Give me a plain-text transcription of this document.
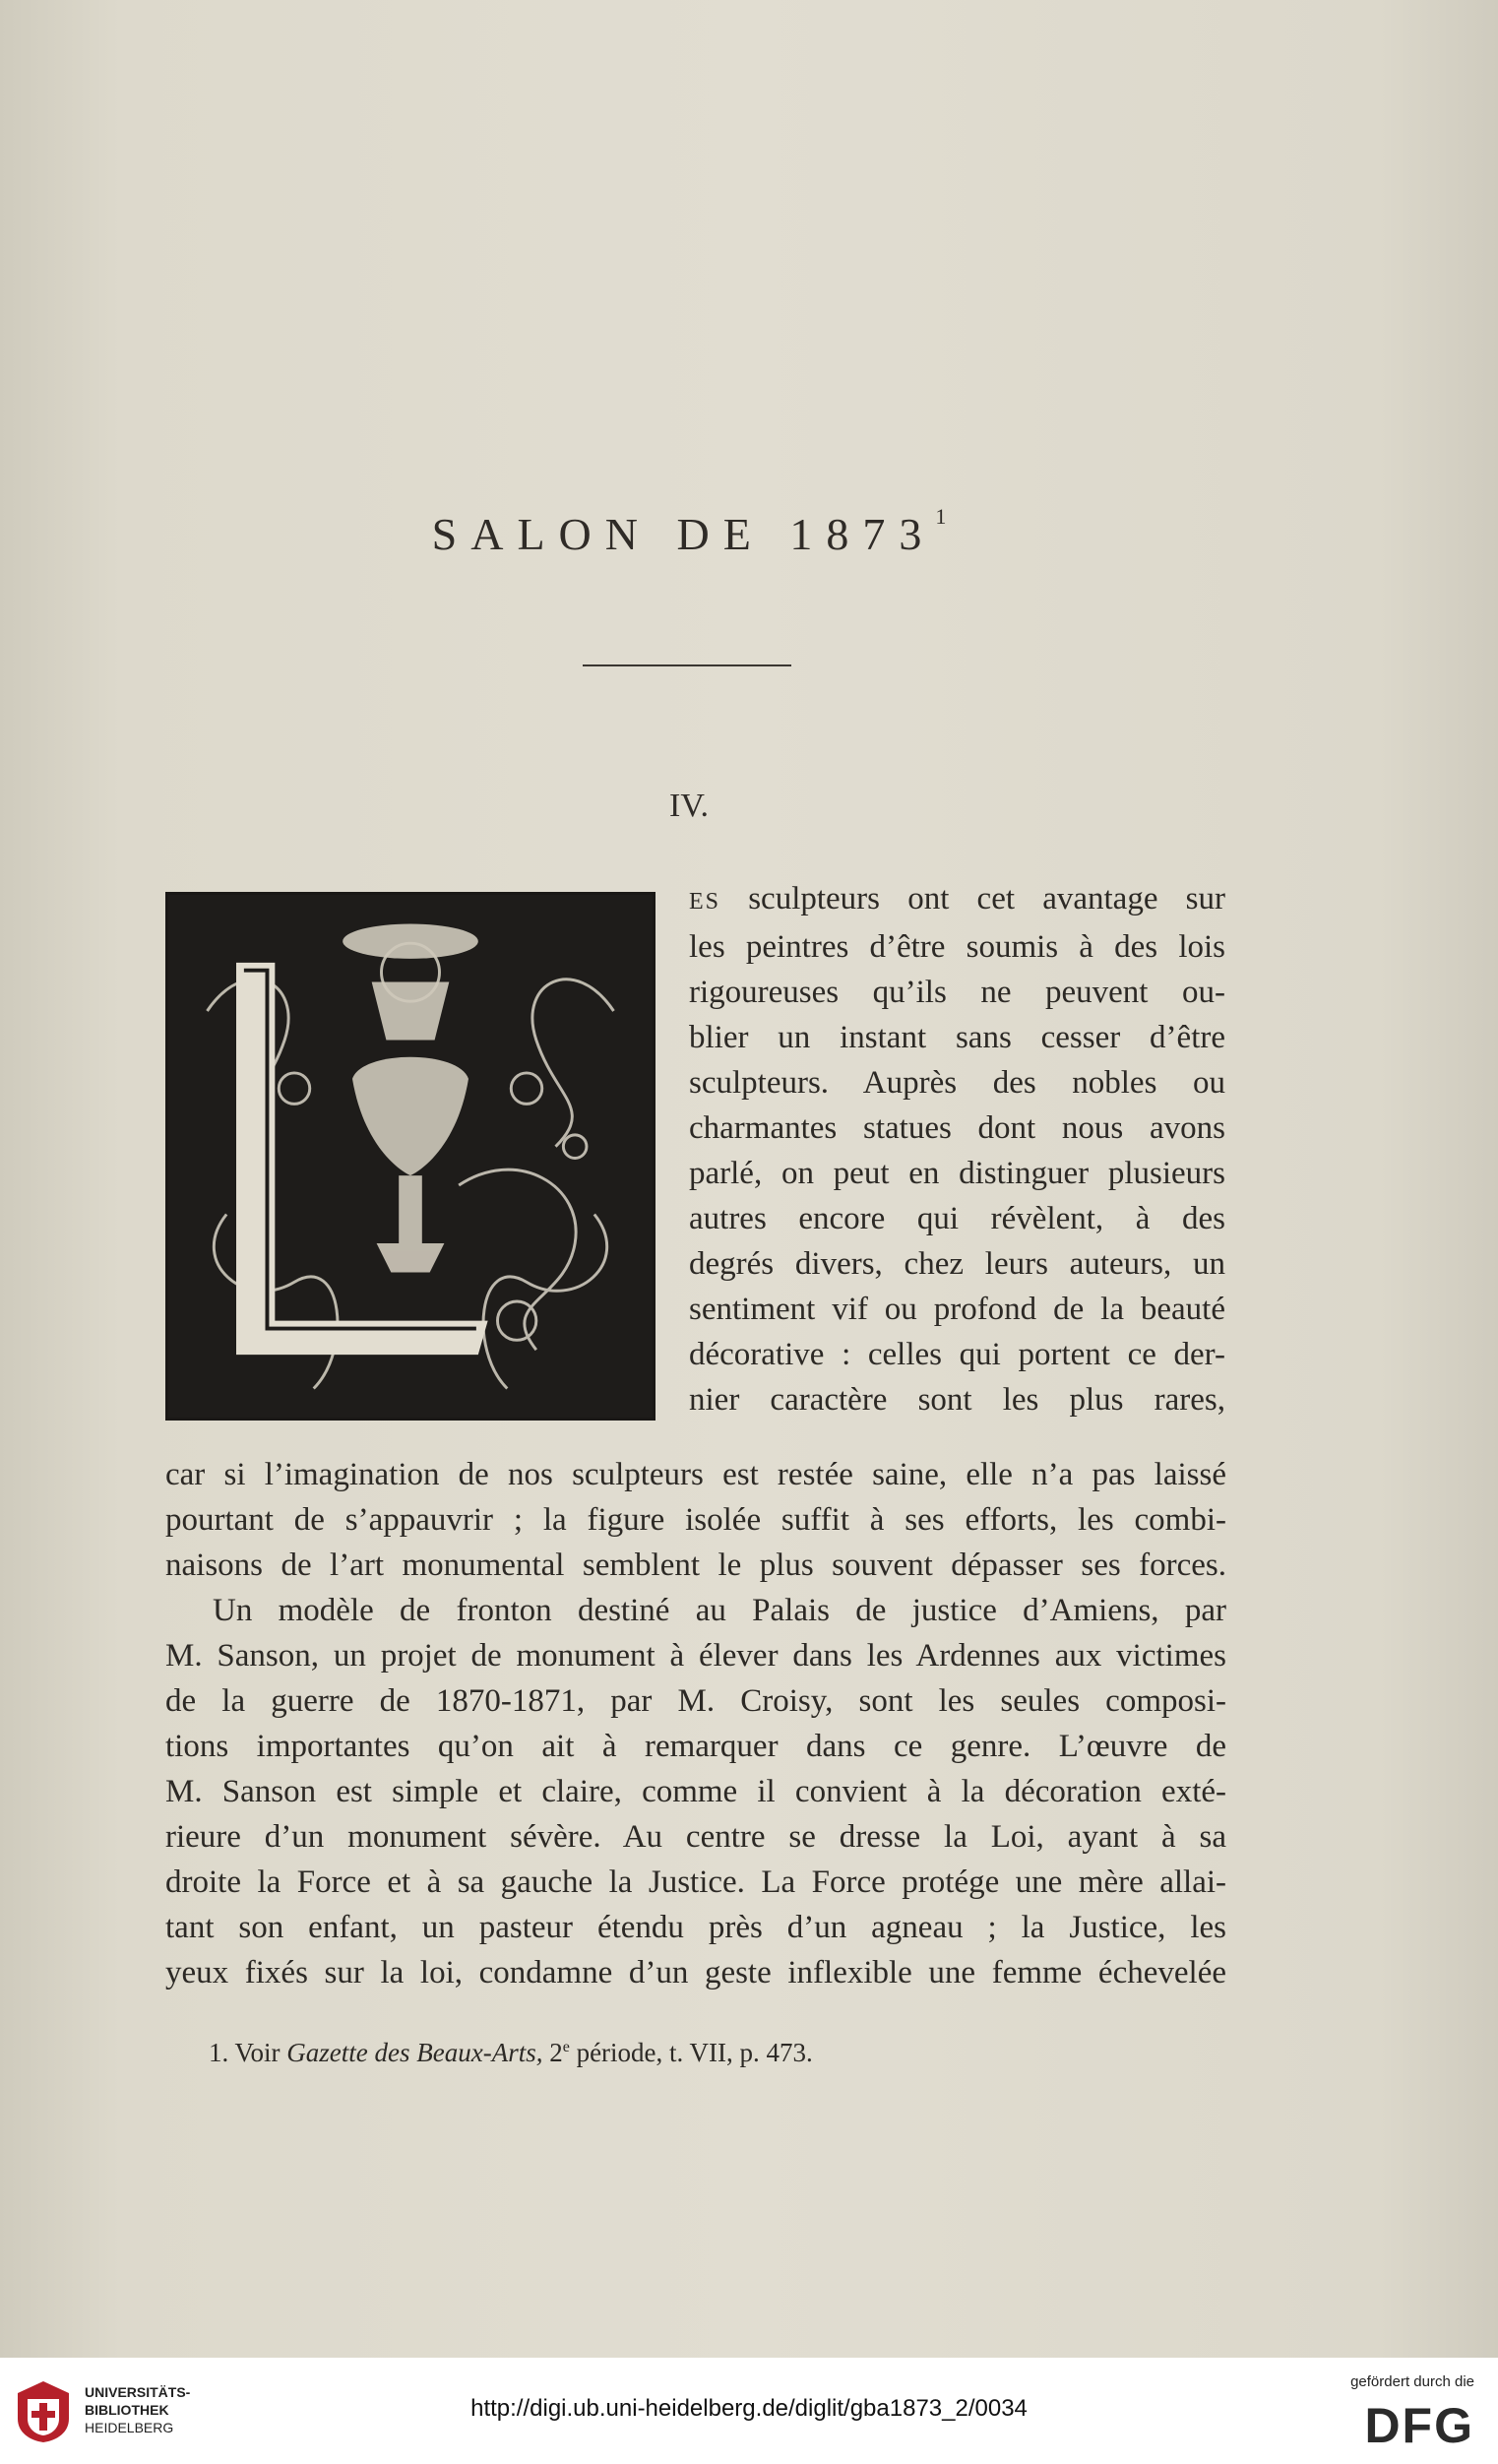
SALON DE 1873$^1$
IV.
ES sculpteurs ont cet avantage sur
les peintres d’être soumis à des lois
rigoureuses qu’ils ne peuvent ou-
blier un instant sans cesser d’être
sculpteurs. Auprès des nobles ou
charmantes statues dont nous avons
parlé, on peut en distinguer plusieurs
autres encore qui révèlent, à des
degrés divers, chez leurs auteurs, un
sentiment vif ou profond de la beauté
décorative : celles qui portent ce der-
nier caractère sont les plus rares,
car si l’imagination de nos sculpteurs est restée saine, elle n’a pas laissé
pourtant de s’appauvrir ; la figure isolée suffit à ses efforts, les combi-
naisons de l’art monumental semblent le plus souvent dépasser ses forces.
Un modèle de fronton destiné au Palais de justice d’Amiens, par
M. Sanson, un projet de monument à élever dans les Ardennes aux victimes
de la guerre de 1870-1871, par M. Croisy, sont les seules composi-
tions importantes qu’on ait à remarquer dans ce genre. L’œuvre de
M. Sanson est simple et claire, comme il convient à la décoration exté-
rieure d’un monument sévère. Au centre se dresse la Loi, ayant à sa
droite la Force et à sa gauche la Justice. La Force protége une mère allai-
tant son enfant, un pasteur étendu près d’un agneau ; la Justice, les
yeux fixés sur la loi, condamne d’un geste inflexible une femme échevelée
1. Voir Gazette des Beaux-Arts, 2e période, t. VII, p. 473.
UNIVERSITÄTS-
BIBLIOTHEK
HEIDELBERG
http://digi.ub.uni-heidelberg.de/diglit/gba1873_2/0034
gefördert durch die
DFG
